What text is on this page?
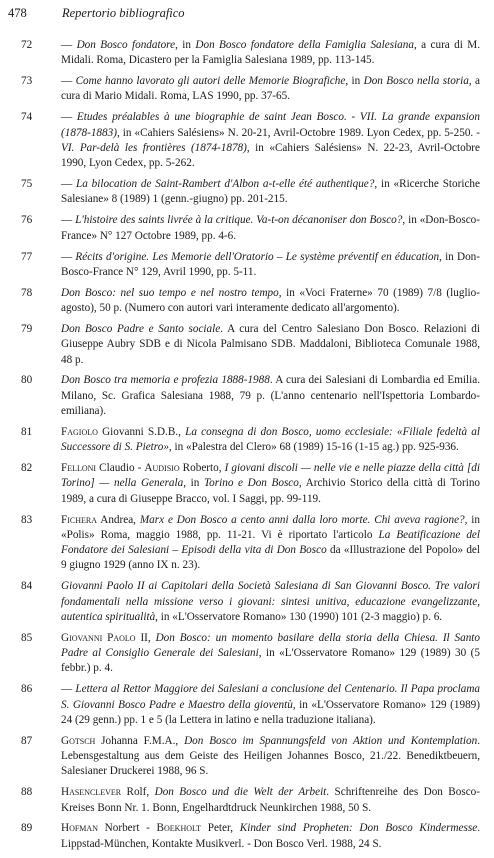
478	Repertorio bibliografico
72	— Don Bosco fondatore, in Don Bosco fondatore della Famiglia Salesiana, a cura di M. Midali. Roma, Dicastero per la Famiglia Salesiana 1989, pp. 113-145.
73	— Come hanno lavorato gli autori delle Memorie Biografiche, in Don Bosco nella storia, a cura di Mario Midali. Roma, LAS 1990, pp. 37-65.
74	— Etudes préalables à une biographie de saint Jean Bosco. - VII. La grande expansion (1878-1883), in «Cahiers Salésiens» N. 20-21, Avril-Octobre 1989. Lyon Cedex, pp. 5-250. - VI. Par-delà les frontières (1874-1878), in «Cahiers Salésiens» N. 22-23, Avril-Octobre 1990, Lyon Cedex, pp. 5-262.
75	— La bilocation de Saint-Rambert d'Albon a-t-elle été authentique?, in «Ricerche Storiche Salesiane» 8 (1989) 1 (genn.-giugno) pp. 201-215.
76	— L'histoire des saints livrée à la critique. Va-t-on décanoniser don Bosco?, in «Don-Bosco-France» N° 127 Octobre 1989, pp. 4-6.
77	— Récits d'origine. Les Memorie dell'Oratorio – Le système préventif en éducation, in Don-Bosco-France N° 129, Avril 1990, pp. 5-11.
78	Don Bosco: nel suo tempo e nel nostro tempo, in «Voci Fraterne» 70 (1989) 7/8 (luglio-agosto), 50 p. (Numero con autori vari interamente dedicato all'argomento).
79	Don Bosco Padre e Santo sociale. A cura del Centro Salesiano Don Bosco. Relazioni di Giuseppe Aubry SDB e di Nicola Palmisano SDB. Maddaloni, Biblioteca Comunale 1988, 48 p.
80	Don Bosco tra memoria e profezia 1888-1988. A cura dei Salesiani di Lombardia ed Emilia. Milano, Sc. Grafica Salesiana 1988, 79 p. (L'anno centenario nell'Ispettoria Lombardo-emiliana).
81	Fagiolo Giovanni S.D.B., La consegna di don Bosco, uomo ecclesiale: «Filiale fedeltà al Successore di S. Pietro», in «Palestra del Clero» 68 (1989) 15-16 (1-15 ag.) pp. 925-936.
82	Felloni Claudio - Audisio Roberto, I giovani discoli — nelle vie e nelle piazze della città [di Torino] — nella Generala, in Torino e Don Bosco, Archivio Storico della città di Torino 1989, a cura di Giuseppe Bracco, vol. I Saggi, pp. 99-119.
83	Fichera Andrea, Marx e Don Bosco a cento anni dalla loro morte. Chi aveva ragione?, in «Polis» Roma, maggio 1988, pp. 11-21. Vi è riportato l'articolo La Beatificazione del Fondatore dei Salesiani – Episodi della vita di Don Bosco da «Illustrazione del Popolo» del 9 giugno 1929 (anno IX n. 23).
84	Giovanni Paolo II ai Capitolari della Società Salesiana di San Giovanni Bosco. Tre valori fondamentali nella missione verso i giovani: sintesi unitiva, educazione evangelizzante, autentica spiritualità, in «L'Osservatore Romano» 130 (1990) 101 (2-3 maggio) p. 6.
85	Giovanni Paolo II, Don Bosco: un momento basilare della storia della Chiesa. Il Santo Padre al Consiglio Generale dei Salesiani, in «L'Osservatore Romano» 129 (1989) 30 (5 febbr.) p. 4.
86	— Lettera al Rettor Maggiore dei Salesiani a conclusione del Centenario. Il Papa proclama S. Giovanni Bosco Padre e Maestro della gioventù, in «L'Osservatore Romano» 129 (1989) 24 (29 genn.) pp. 1 e 5 (la Lettera in latino e nella traduzione italiana).
87	Gotsch Johanna F.M.A., Don Bosco im Spannungsfeld von Aktion und Kontemplation. Lebensgestaltung aus dem Geiste des Heiligen Johannes Bosco, 21./22. Benediktbeuern, Salesianer Druckerei 1988, 96 S.
88	Hasenclever Rolf, Don Bosco und die Welt der Arbeit. Schriftenreihe des Don Bosco-Kreises Bonn Nr. 1. Bonn, Engelhardtdruck Neunkirchen 1988, 50 S.
89	Hofman Norbert - Boekholt Peter, Kinder sind Propheten: Don Bosco Kindermesse. Lippstad-München, Kontakte Musikverl. - Don Bosco Verl. 1988, 24 S.
